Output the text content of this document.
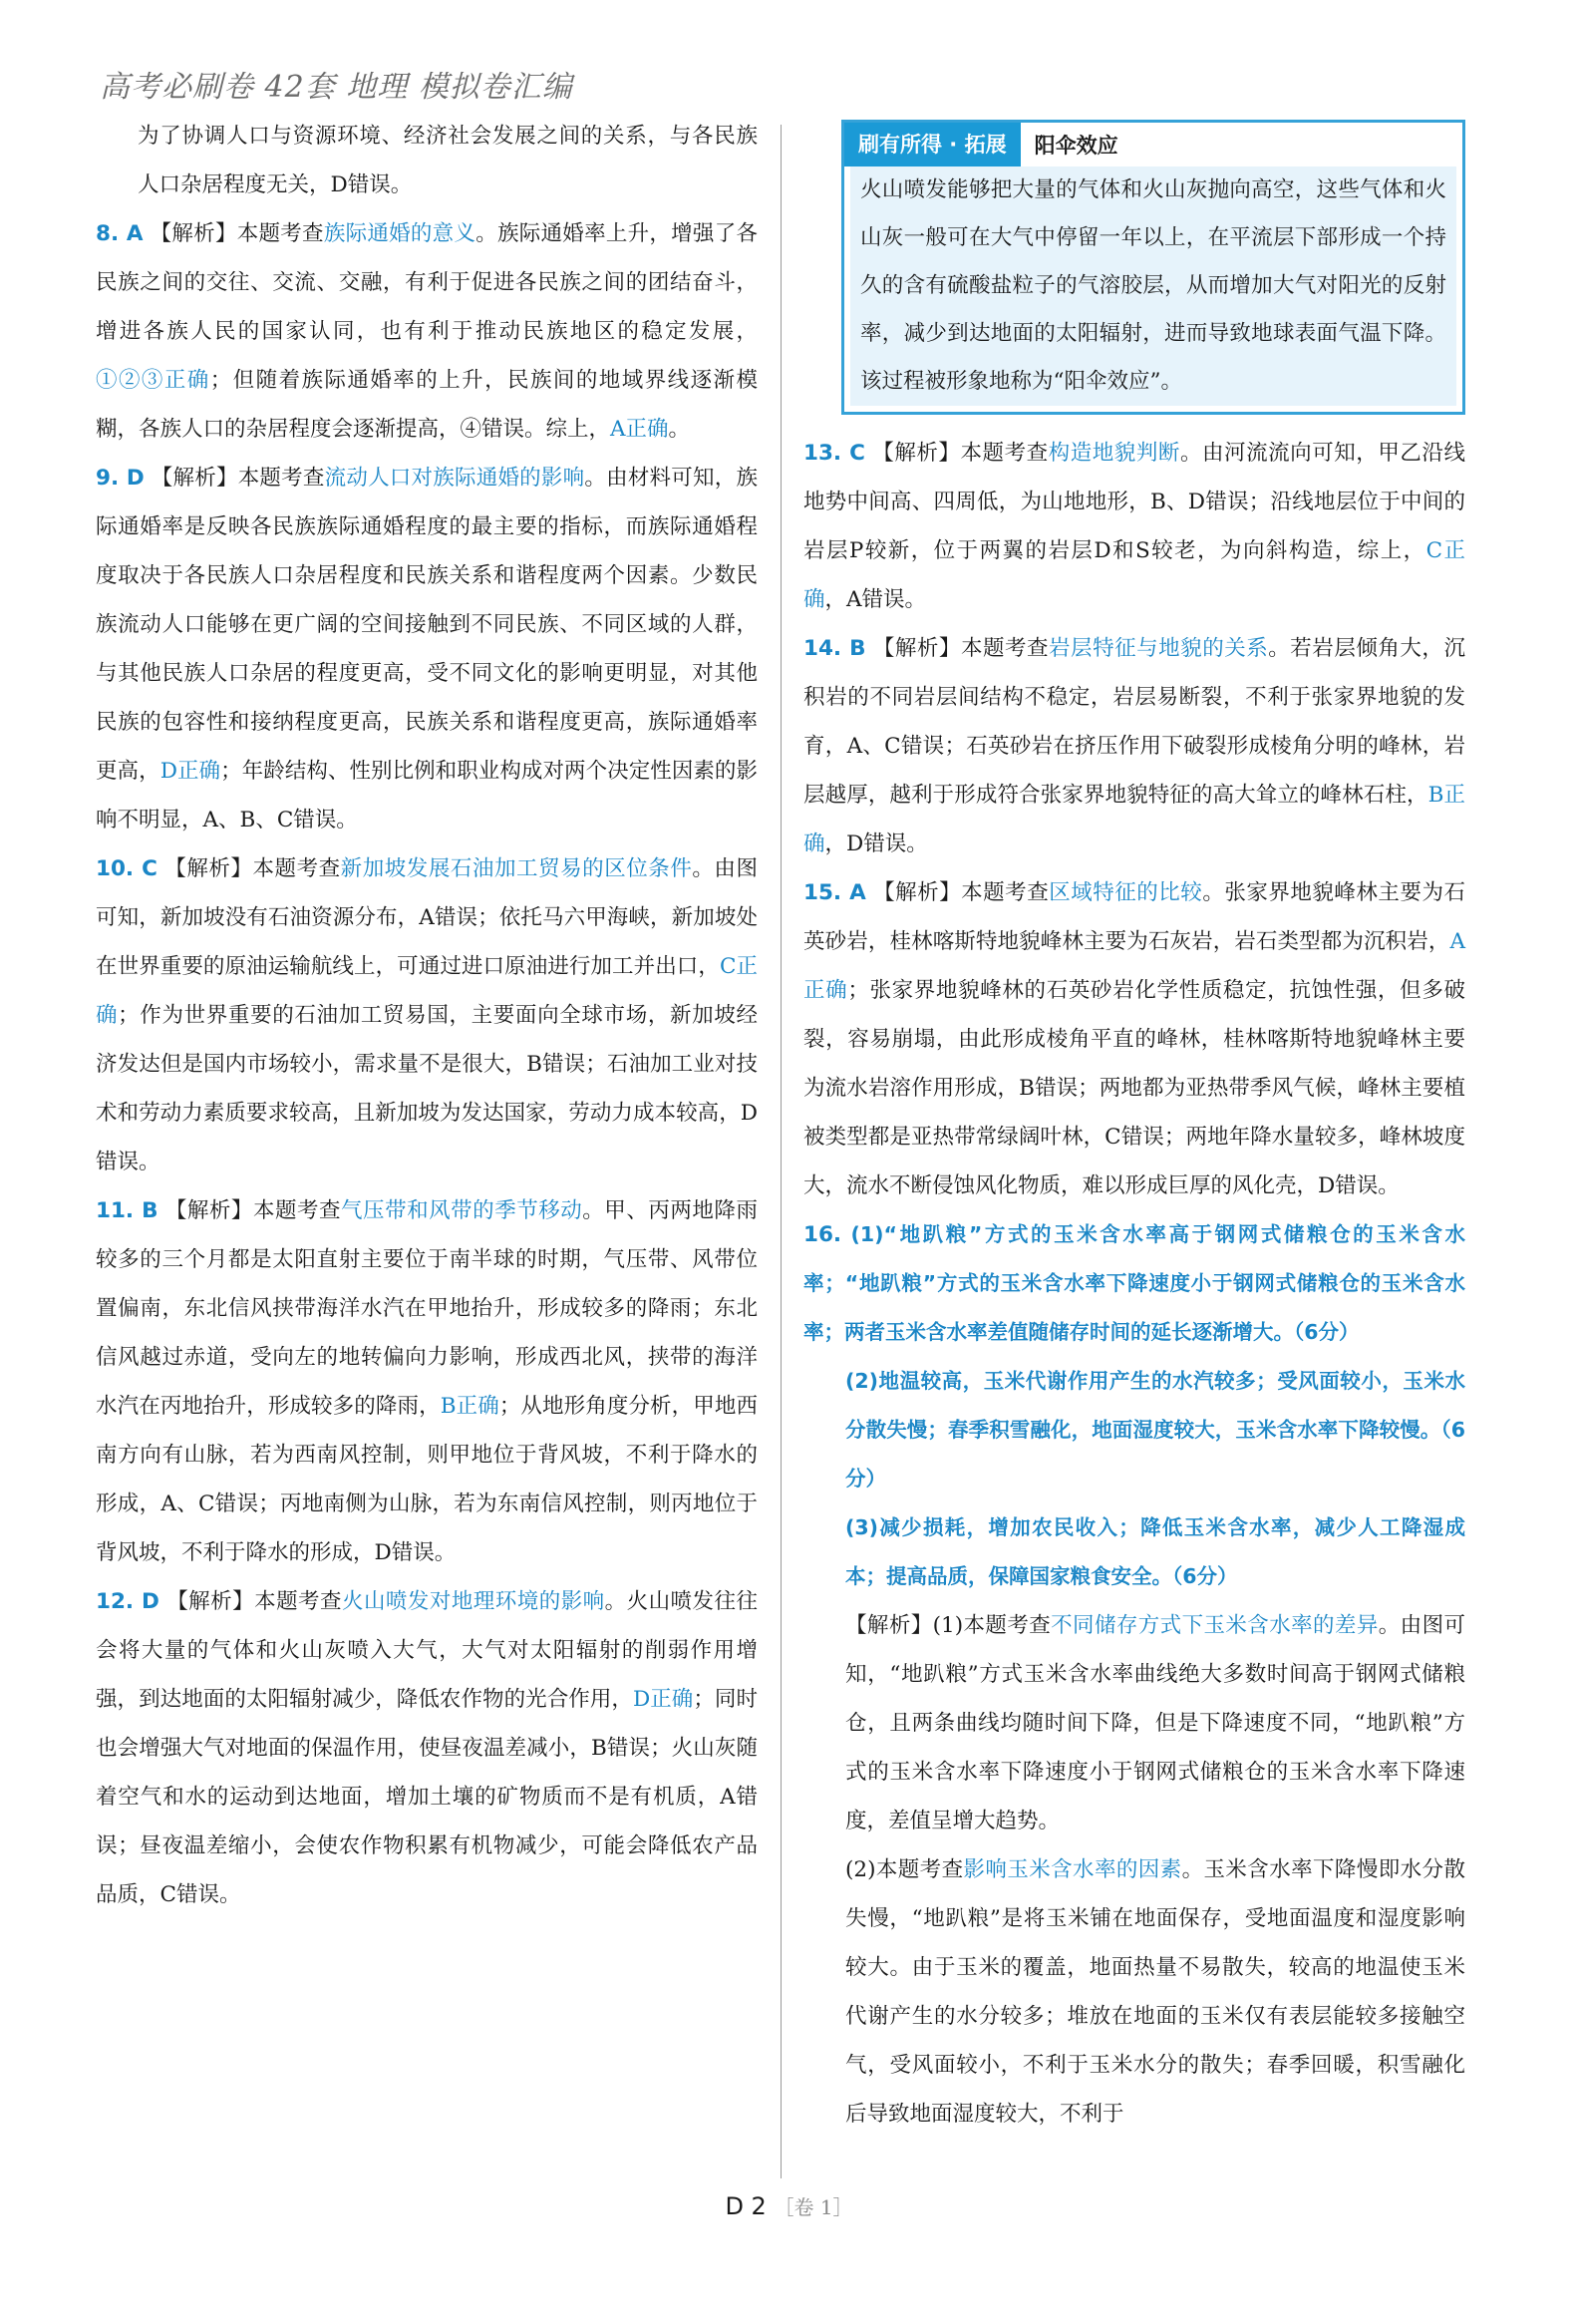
高考必刷卷 42套 地理 模拟卷汇编

为了协调人口与资源环境、经济社会发展之间的关系，与各民族人口杂居程度无关，D错误。

8. A 【解析】本题考查族际通婚的意义。族际通婚率上升，增强了各民族之间的交往、交流、交融，有利于促进各民族之间的团结奋斗，增进各族人民的国家认同，也有利于推动民族地区的稳定发展，①②③正确；但随着族际通婚率的上升，民族间的地域界线逐渐模糊，各族人口的杂居程度会逐渐提高，④错误。综上，A正确。

9. D 【解析】本题考查流动人口对族际通婚的影响。由材料可知，族际通婚率是反映各民族族际通婚程度的最主要的指标，而族际通婚程度取决于各民族人口杂居程度和民族关系和谐程度两个因素。少数民族流动人口能够在更广阔的空间接触到不同民族、不同区域的人群，与其他民族人口杂居的程度更高，受不同文化的影响更明显，对其他民族的包容性和接纳程度更高，民族关系和谐程度更高，族际通婚率更高，D正确；年龄结构、性别比例和职业构成对两个决定性因素的影响不明显，A、B、C错误。

10. C 【解析】本题考查新加坡发展石油加工贸易的区位条件。由图可知，新加坡没有石油资源分布，A错误；依托马六甲海峡，新加坡处在世界重要的原油运输航线上，可通过进口原油进行加工并出口，C正确；作为世界重要的石油加工贸易国，主要面向全球市场，新加坡经济发达但是国内市场较小，需求量不是很大，B错误；石油加工业对技术和劳动力素质要求较高，且新加坡为发达国家，劳动力成本较高，D错误。

11. B 【解析】本题考查气压带和风带的季节移动。甲、丙两地降雨较多的三个月都是太阳直射主要位于南半球的时期，气压带、风带位置偏南，东北信风挟带海洋水汽在甲地抬升，形成较多的降雨；东北信风越过赤道，受向左的地转偏向力影响，形成西北风，挟带的海洋水汽在丙地抬升，形成较多的降雨，B正确；从地形角度分析，甲地西南方向有山脉，若为西南风控制，则甲地位于背风坡，不利于降水的形成，A、C错误；丙地南侧为山脉，若为东南信风控制，则丙地位于背风坡，不利于降水的形成，D错误。

12. D 【解析】本题考查火山喷发对地理环境的影响。火山喷发往往会将大量的气体和火山灰喷入大气，大气对太阳辐射的削弱作用增强，到达地面的太阳辐射减少，降低农作物的光合作用，D正确；同时也会增强大气对地面的保温作用，使昼夜温差减小，B错误；火山灰随着空气和水的运动到达地面，增加土壤的矿物质而不是有机质，A错误；昼夜温差缩小，会使农作物积累有机物减少，可能会降低农产品品质，C错误。

刷有所得 · 拓展	阳伞效应

火山喷发能够把大量的气体和火山灰抛向高空，这些气体和火山灰一般可在大气中停留一年以上，在平流层下部形成一个持久的含有硫酸盐粒子的气溶胶层，从而增加大气对阳光的反射率，减少到达地面的太阳辐射，进而导致地球表面气温下降。该过程被形象地称为“阳伞效应”。

13. C 【解析】本题考查构造地貌判断。由河流流向可知，甲乙沿线地势中间高、四周低，为山地地形，B、D错误；沿线地层位于中间的岩层P较新，位于两翼的岩层D和S较老，为向斜构造，综上，C正确，A错误。

14. B 【解析】本题考查岩层特征与地貌的关系。若岩层倾角大，沉积岩的不同岩层间结构不稳定，岩层易断裂，不利于张家界地貌的发育，A、C错误；石英砂岩在挤压作用下破裂形成棱角分明的峰林，岩层越厚，越利于形成符合张家界地貌特征的高大耸立的峰林石柱，B正确，D错误。

15. A 【解析】本题考查区域特征的比较。张家界地貌峰林主要为石英砂岩，桂林喀斯特地貌峰林主要为石灰岩，岩石类型都为沉积岩，A正确；张家界地貌峰林的石英砂岩化学性质稳定，抗蚀性强，但多破裂，容易崩塌，由此形成棱角平直的峰林，桂林喀斯特地貌峰林主要为流水岩溶作用形成，B错误；两地都为亚热带季风气候，峰林主要植被类型都是亚热带常绿阔叶林，C错误；两地年降水量较多，峰林坡度大，流水不断侵蚀风化物质，难以形成巨厚的风化壳，D错误。

16. (1)“地趴粮”方式的玉米含水率高于钢网式储粮仓的玉米含水率；“地趴粮”方式的玉米含水率下降速度小于钢网式储粮仓的玉米含水率；两者玉米含水率差值随储存时间的延长逐渐增大。（6分）

(2)地温较高，玉米代谢作用产生的水汽较多；受风面较小，玉米水分散失慢；春季积雪融化，地面湿度较大，玉米含水率下降较慢。（6分）

(3)减少损耗，增加农民收入；降低玉米含水率，减少人工降湿成本；提高品质，保障国家粮食安全。（6分）

【解析】(1)本题考查不同储存方式下玉米含水率的差异。由图可知，“地趴粮”方式玉米含水率曲线绝大多数时间高于钢网式储粮仓，且两条曲线均随时间下降，但是下降速度不同，“地趴粮”方式的玉米含水率下降速度小于钢网式储粮仓的玉米含水率下降速度，差值呈增大趋势。

(2)本题考查影响玉米含水率的因素。玉米含水率下降慢即水分散失慢，“地趴粮”是将玉米铺在地面保存，受地面温度和湿度影响较大。由于玉米的覆盖，地面热量不易散失，较高的地温使玉米代谢产生的水分较多；堆放在地面的玉米仅有表层能较多接触空气，受风面较小，不利于玉米水分的散失；春季回暖，积雪融化后导致地面湿度较大，不利于

D 2 ［卷 1］
